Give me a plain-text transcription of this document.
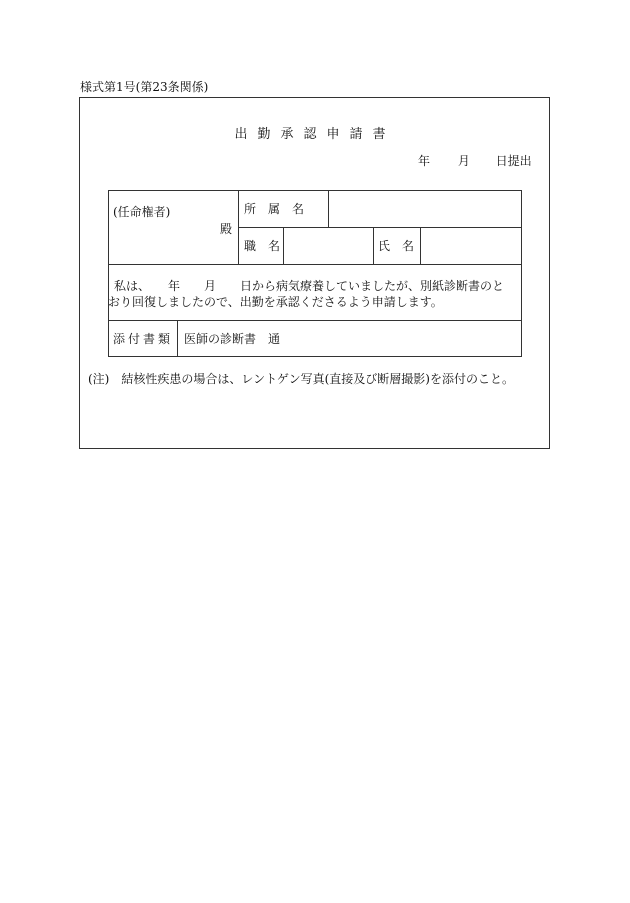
様式第1号(第23条関係)
出勤承認申請書
年 月 日提出
(任命権者)
殿
所　属　名
職　名	氏　名
私は、　　年　　月　　日から病気療養していましたが、別紙診断書のと
おり回復しましたので、出勤を承認くださるよう申請します。
添付書類 医師の診断書　通
(注)　結核性疾患の場合は、レントゲン写真(直接及び断層撮影)を添付のこと。
